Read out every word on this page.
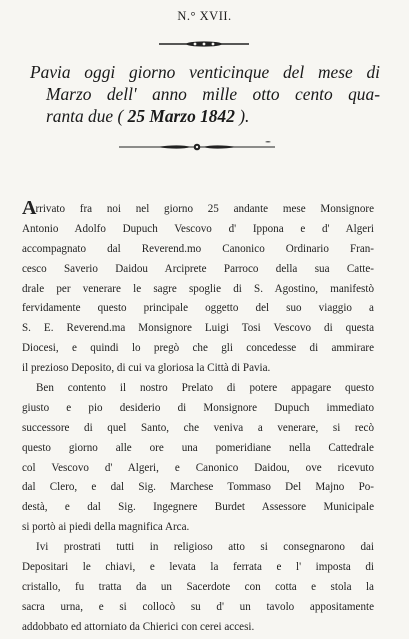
N.° XVII.
Pavia oggi giorno venticinque del mese di
Marzo dell' anno mille otto cento qua-
ranta due ( 25 Marzo 1842 ).
Arrivato fra noi nel giorno 25 andante mese Monsignore
Antonio Adolfo Dupuch Vescovo d' Ippona e d' Algeri
accompagnato dal Reverend.mo Canonico Ordinario Fran-
cesco Saverio Daidou Arciprete Parroco della sua Catte-
drale per venerare le sagre spoglie di S. Agostino, manifestò
fervidamente questo principale oggetto del suo viaggio a
S. E. Reverend.ma Monsignore Luigi Tosi Vescovo di questa
Diocesi, e quindi lo pregò che gli concedesse di ammirare
il prezioso Deposito, di cui va gloriosa la Città di Pavia.
Ben contento il nostro Prelato di potere appagare questo
giusto e pio desiderio di Monsignore Dupuch immediato
successore di quel Santo, che veniva a venerare, si recò
questo giorno alle ore una pomeridiane nella Cattedrale
col Vescovo d' Algeri, e Canonico Daidou, ove ricevuto
dal Clero, e dal Sig. Marchese Tommaso Del Majno Po-
destà, e dal Sig. Ingegnere Burdet Assessore Municipale
si portò ai piedi della magnifica Arca.
Ivi prostrati tutti in religioso atto si consegnarono dai
Depositari le chiavi, e levata la ferrata e l' imposta di
cristallo, fu tratta da un Sacerdote con cotta e stola la
sacra urna, e si collocò su d' un tavolo appositamente
addobbato ed attorniato da Chierici con cerei accesi.
